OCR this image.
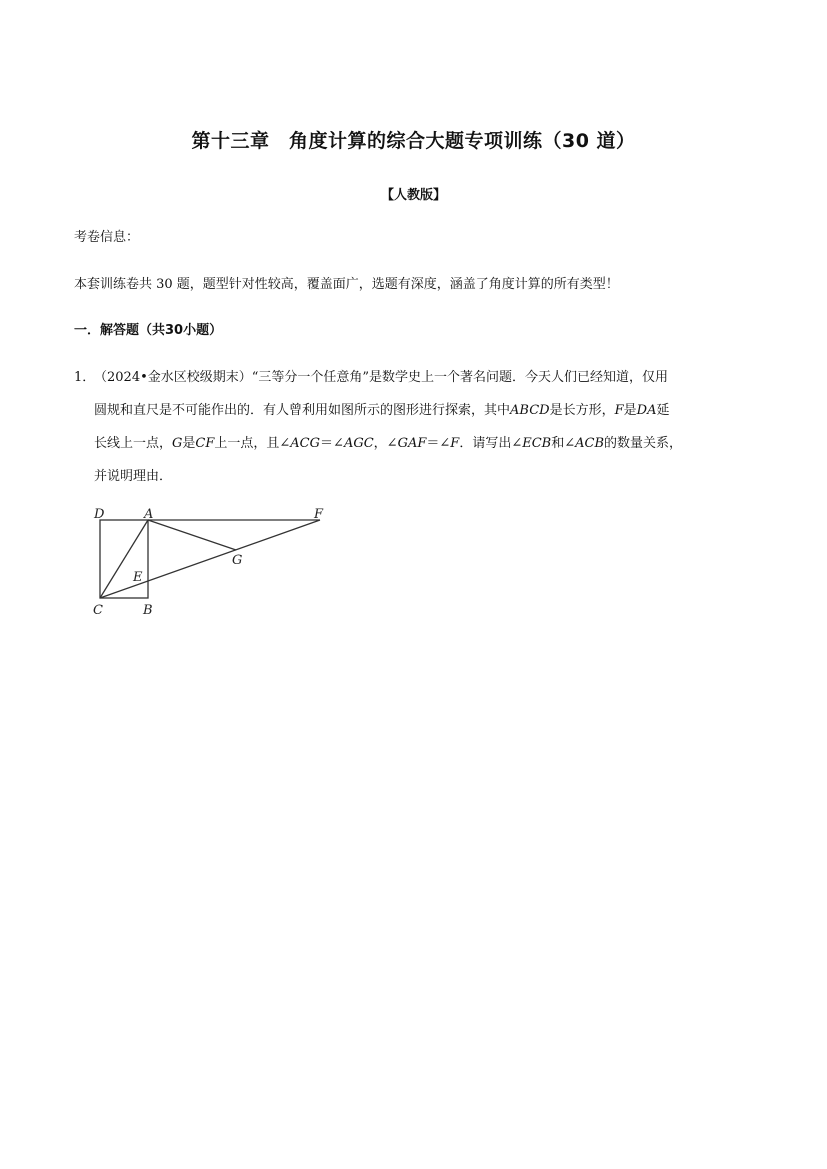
第十三章　角度计算的综合大题专项训练（30 道）
【人教版】
考卷信息：
本套训练卷共 30 题，题型针对性较高，覆盖面广，选题有深度，涵盖了角度计算的所有类型！
一．解答题（共30小题）
1．
（2024•金水区校级期末）“三等分一个任意角”是数学史上一个著名问题．今天人们已经知道，仅用
圆规和直尺是不可能作出的．有人曾利用如图所示的图形进行探索，其中ABCD是长方形，F是DA延
长线上一点，G是CF上一点，且∠ACG＝∠AGC，∠GAF＝∠F．请写出∠ECB和∠ACB的数量关系，
并说明理由．
D	A	F
G
E
C	B
